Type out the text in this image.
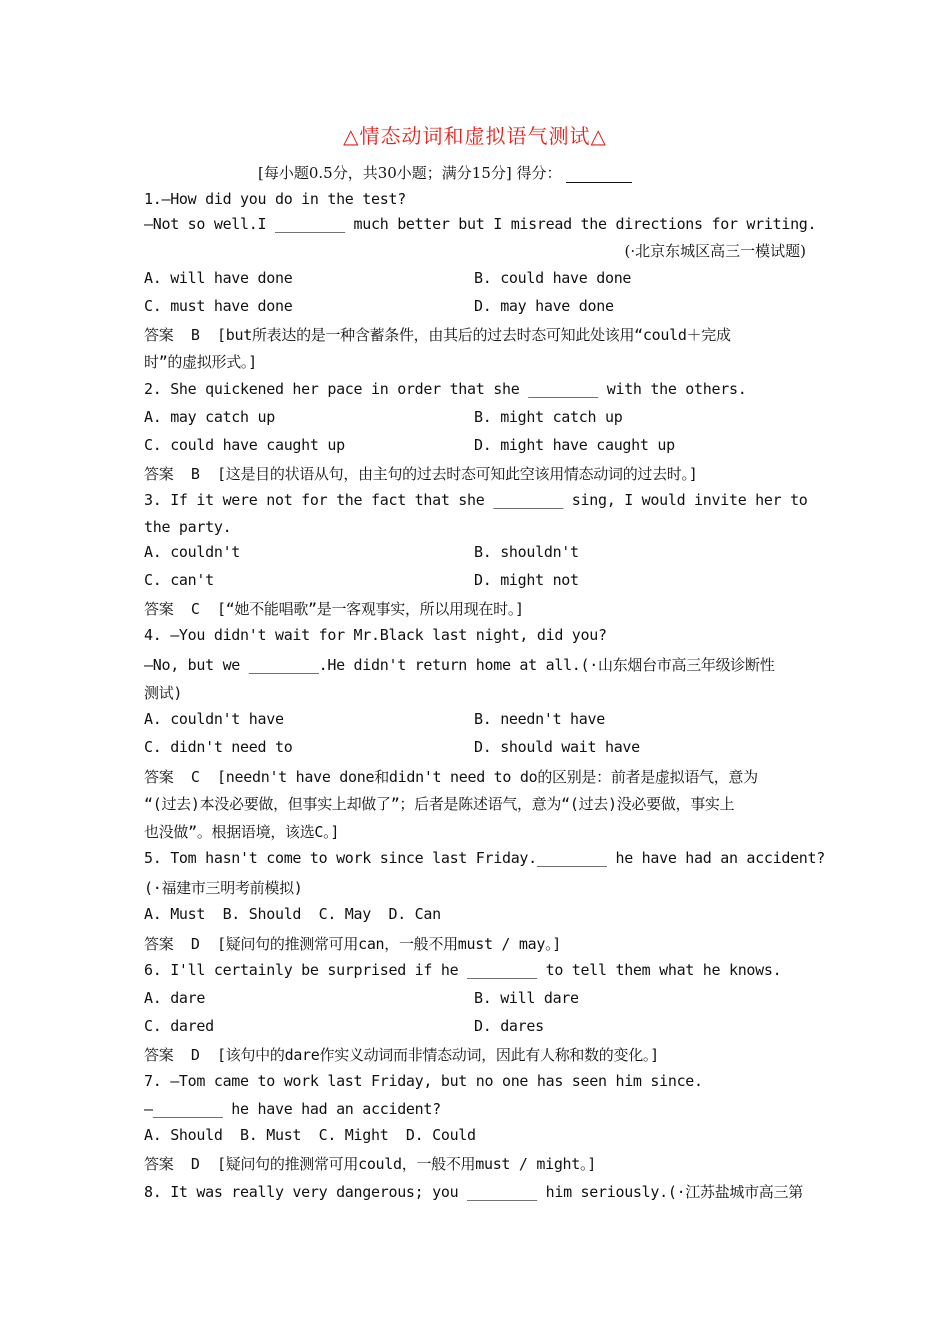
△情态动词和虚拟语气测试△
[每小题0.5分，共30小题；满分15分] 得分：
1.—How did you do in the test?
—Not so well.I ________ much better but I misread the directions for writing.
(·北京东城区高三一模试题)
A. will have done	B. could have done
C. must have done	D. may have done
答案  B  [but所表达的是一种含蓄条件，由其后的过去时态可知此处该用“could＋完成
时”的虚拟形式。]
2. She quickened her pace in order that she ________ with the others.
A. may catch up	B. might catch up
C. could have caught up	D. might have caught up
答案  B  [这是目的状语从句，由主句的过去时态可知此空该用情态动词的过去时。]
3. If it were not for the fact that she ________ sing, I would invite her to
the party.
A. couldn't	B. shouldn't
C. can't	D. might not
答案  C  [“她不能唱歌”是一客观事实，所以用现在时。]
4. —You didn't wait for Mr.Black last night, did you?
—No, but we ________.He didn't return home at all.(·山东烟台市高三年级诊断性
测试)
A. couldn't have	B. needn't have
C. didn't need to	D. should wait have
答案  C  [needn't have done和didn't need to do的区别是：前者是虚拟语气，意为
“(过去)本没必要做，但事实上却做了”；后者是陈述语气，意为“(过去)没必要做，事实上
也没做”。根据语境，该选C。]
5. Tom hasn't come to work since last Friday.________ he have had an accident?
(·福建市三明考前模拟)
A. Must  B. Should  C. May  D. Can
答案  D  [疑问句的推测常可用can，一般不用must / may。]
6. I'll certainly be surprised if he ________ to tell them what he knows.
A. dare	B. will dare
C. dared	D. dares
答案  D  [该句中的dare作实义动词而非情态动词，因此有人称和数的变化。]
7. —Tom came to work last Friday, but no one has seen him since.
—________ he have had an accident?
A. Should  B. Must  C. Might  D. Could
答案  D  [疑问句的推测常可用could，一般不用must / might。]
8. It was really very dangerous; you ________ him seriously.(·江苏盐城市高三第
